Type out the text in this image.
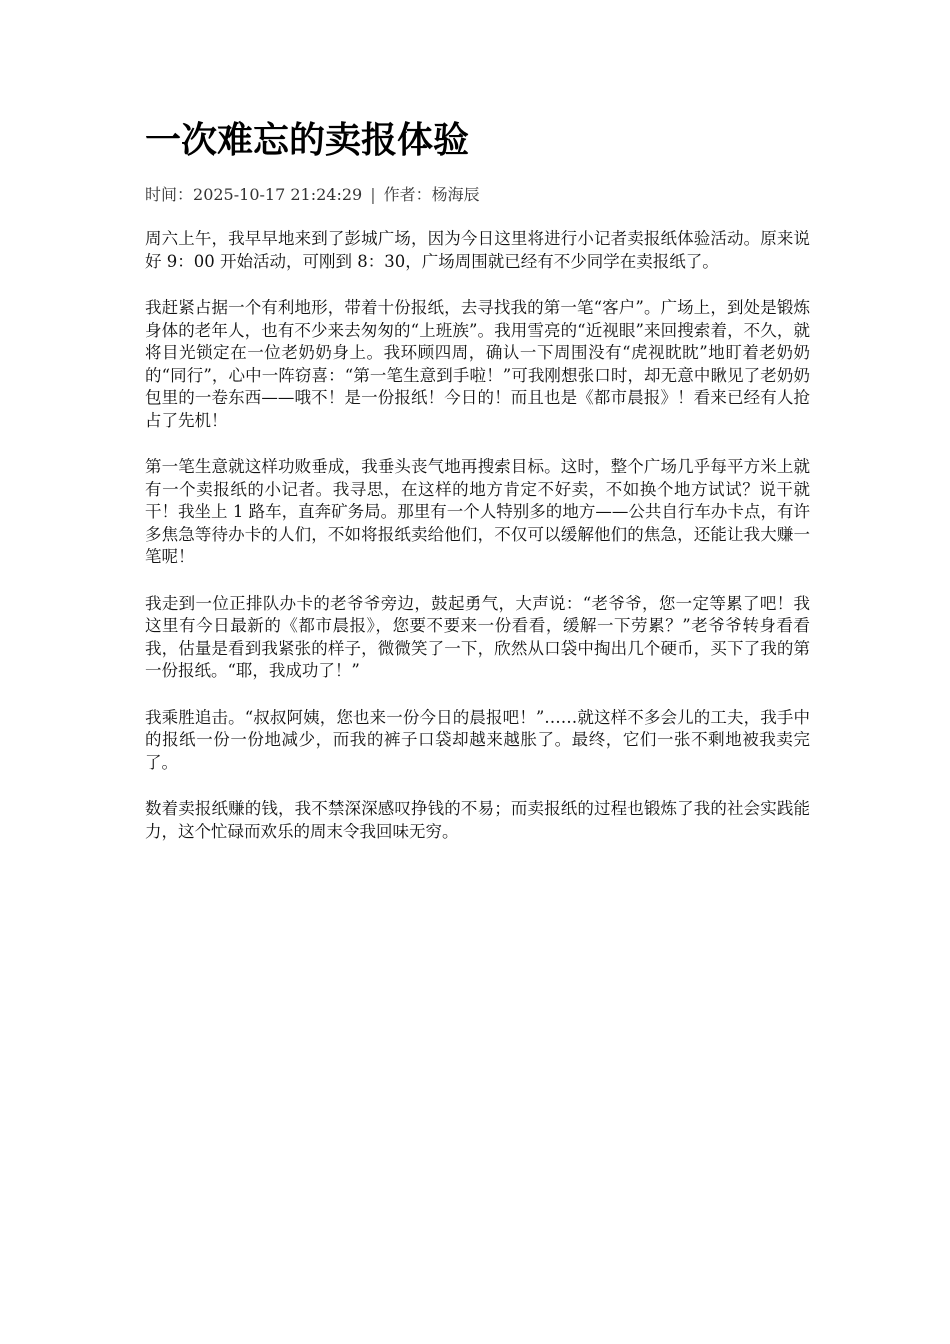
一次难忘的卖报体验
时间：2025-10-17 21:24:29 | 作者：杨海辰

周六上午，我早早地来到了彭城广场，因为今日这里将进行小记者卖报纸体验活动。原来说好 9：00 开始活动，可刚到 8：30，广场周围就已经有不少同学在卖报纸了。

我赶紧占据一个有利地形，带着十份报纸，去寻找我的第一笔“客户”。广场上，到处是锻炼身体的老年人，也有不少来去匆匆的“上班族”。我用雪亮的“近视眼”来回搜索着，不久，就将目光锁定在一位老奶奶身上。我环顾四周，确认一下周围没有“虎视眈眈”地盯着老奶奶的“同行”，心中一阵窃喜：“第一笔生意到手啦！”可我刚想张口时，却无意中瞅见了老奶奶包里的一卷东西——哦不！是一份报纸！今日的！而且也是《都市晨报》！看来已经有人抢占了先机！

第一笔生意就这样功败垂成，我垂头丧气地再搜索目标。这时，整个广场几乎每平方米上就有一个卖报纸的小记者。我寻思，在这样的地方肯定不好卖，不如换个地方试试？说干就干！我坐上 1 路车，直奔矿务局。那里有一个人特别多的地方——公共自行车办卡点，有许多焦急等待办卡的人们，不如将报纸卖给他们，不仅可以缓解他们的焦急，还能让我大赚一笔呢！

我走到一位正排队办卡的老爷爷旁边，鼓起勇气，大声说：“老爷爷，您一定等累了吧！我这里有今日最新的《都市晨报》，您要不要来一份看看，缓解一下劳累？”老爷爷转身看看我，估量是看到我紧张的样子，微微笑了一下，欣然从口袋中掏出几个硬币，买下了我的第一份报纸。“耶，我成功了！”

我乘胜追击。“叔叔阿姨，您也来一份今日的晨报吧！”……就这样不多会儿的工夫，我手中的报纸一份一份地减少，而我的裤子口袋却越来越胀了。最终，它们一张不剩地被我卖完了。

数着卖报纸赚的钱，我不禁深深感叹挣钱的不易；而卖报纸的过程也锻炼了我的社会实践能力，这个忙碌而欢乐的周末令我回味无穷。
